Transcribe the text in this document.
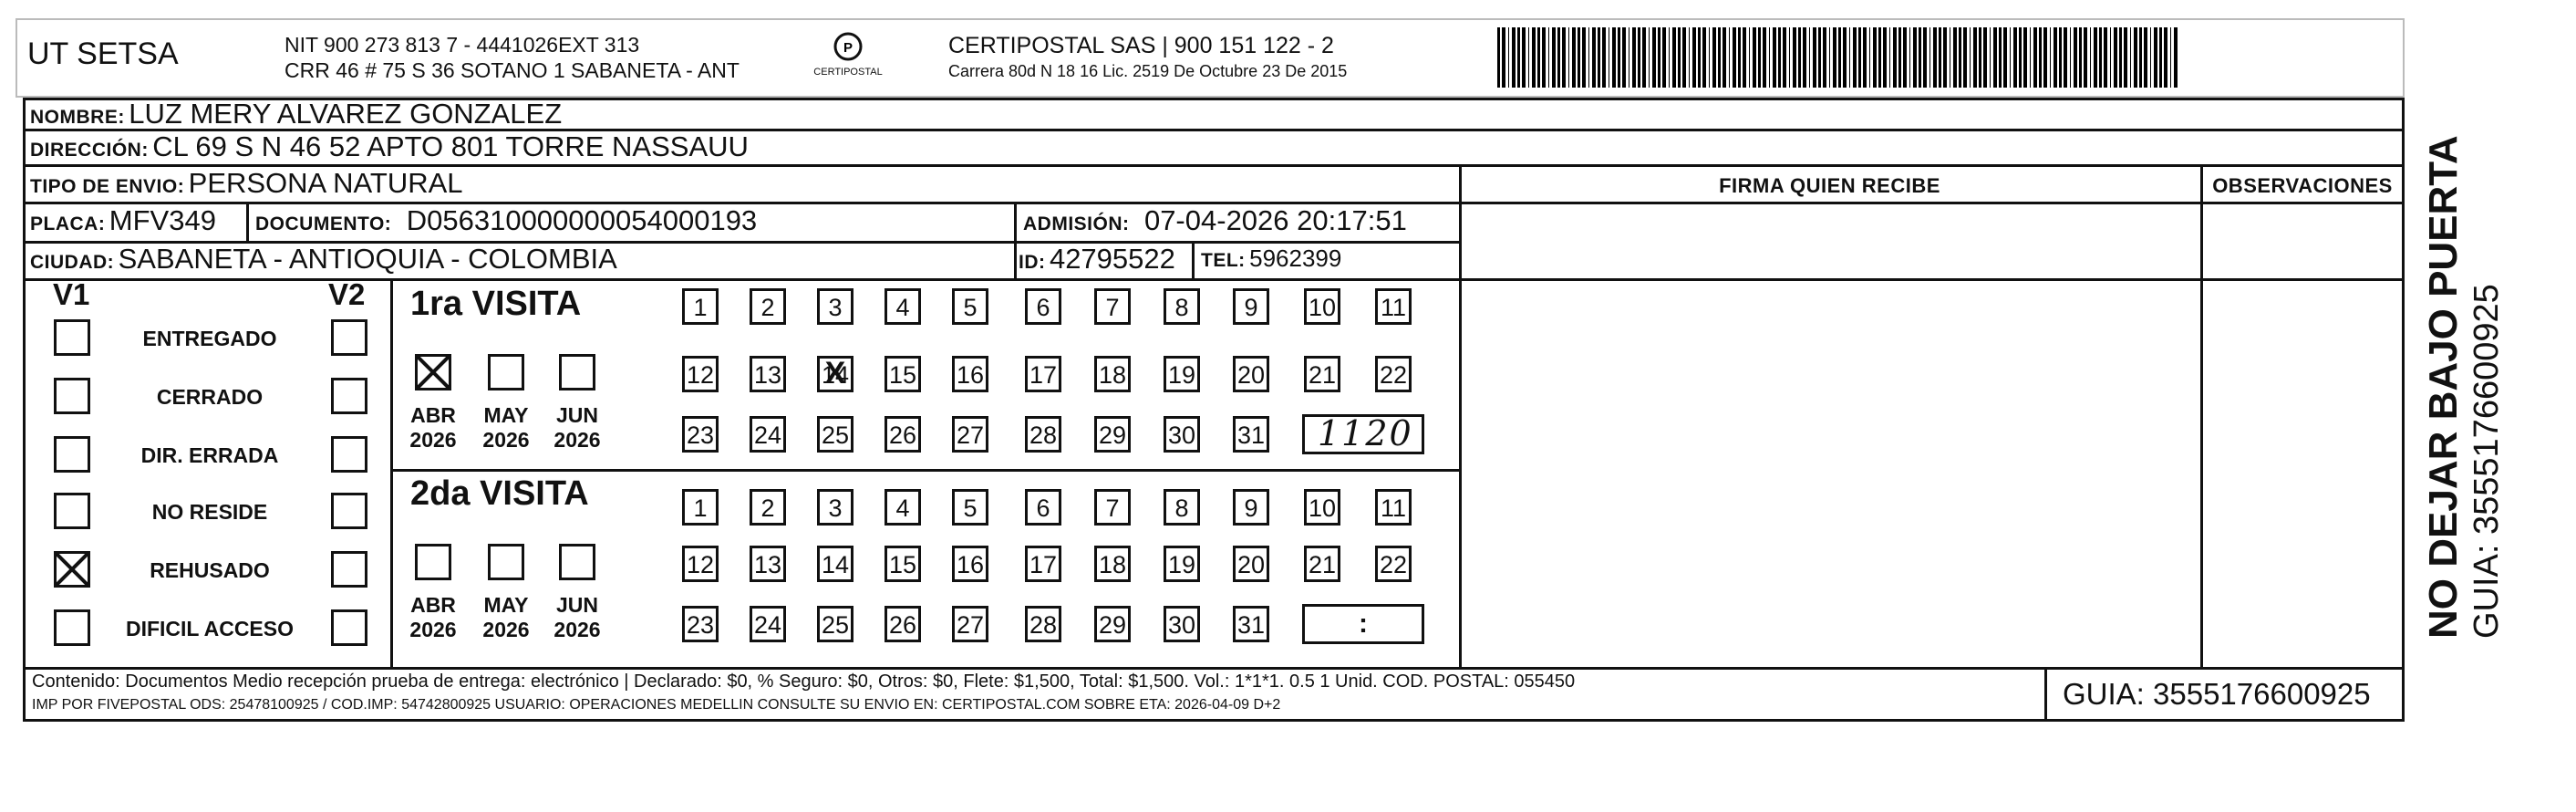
UT SETSA	NIT 900 273 813 7 - 4441026EXT 313
CRR 46 # 75 S 36 SOTANO 1 SABANETA - ANT
P
CERTIPOSTAL
CERTIPOSTAL SAS | 900 151 122 - 2
Carrera 80d N 18 16 Lic. 2519 De Octubre 23 De 2015
NOMBRE: LUZ MERY ALVAREZ GONZALEZ
DIRECCIÓN: CL 69 S N 46 52 APTO 801 TORRE NASSAUU
TIPO DE ENVIO: PERSONA NATURAL	FIRMA QUIEN RECIBE	OBSERVACIONES
PLACA: MFV349 DOCUMENTO: D056310000000054000193	ADMISIÓN: 07-04-2026 20:17:51
CIUDAD: SABANETA - ANTIOQUIA - COLOMBIA	ID: 42795522 TEL: 5962399
V1	V2
ENTREGADO
CERRADO
DIR. ERRADA
NO RESIDE
REHUSADO
DIFICIL ACCESO
1ra VISITA
ABR
2026
MAY
2026
JUN
2026
1	2	3	4	5	6	7	8	9	10 11
12 13 14 X 15 16 17 18 19 20 21 22
23 24 25 26 27 28 29 30 31 1120
2da VISITA
ABR
2026
MAY
2026
JUN
2026
1	2	3	4	5	6	7	8	9	10 11
12 13 14 15 16 17 18 19 20 21 22
23 24 25 26 27 28 29 30 31	:
Contenido: Documentos Medio recepción prueba de entrega: electrónico | Declarado: $0, % Seguro: $0, Otros: $0, Flete: $1,500, Total: $1,500. Vol.: 1*1*1. 0.5 1 Unid. COD. POSTAL: 055450
IMP POR FIVEPOSTAL ODS: 25478100925 / COD.IMP: 54742800925 USUARIO: OPERACIONES MEDELLIN CONSULTE SU ENVIO EN: CERTIPOSTAL.COM SOBRE ETA: 2026-04-09 D+2	GUIA: 3555176600925
NO DEJAR BAJO PUERTA GUIA: 3555176600925
